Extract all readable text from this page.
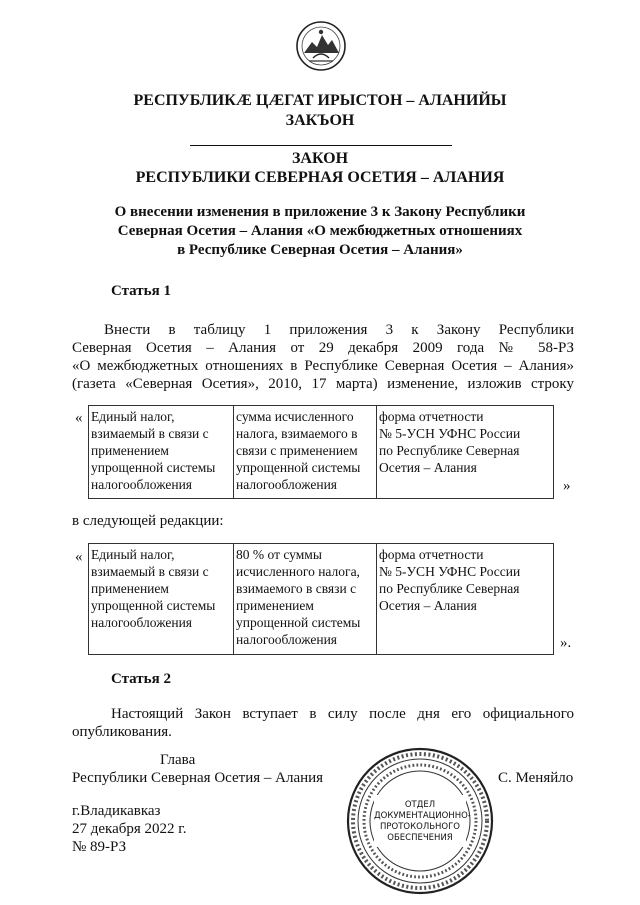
РЕСПУБЛИКӔ ЦӔГАТ ИРЫСТОН – АЛАНИЙЫ
ЗАКЪОН
ЗАКОН
РЕСПУБЛИКИ СЕВЕРНАЯ ОСЕТИЯ – АЛАНИЯ
О внесении изменения в приложение 3 к Закону Республики
Северная Осетия – Алания «О межбюджетных отношениях
в Республике Северная Осетия – Алания»
Статья 1
Внести в таблицу 1 приложения 3 к Закону Республики
Северная Осетия – Алания от 29 декабря 2009 года № 58-РЗ
«О межбюджетных отношениях в Республике Северная Осетия – Алания»
(газета «Северная Осетия», 2010, 17 марта) изменение, изложив строку
« Единый налог,
взимаемый в связи с
применением
упрощенной системы
налогообложения

сумма исчисленного
налога, взимаемого в
связи с применением
упрощенной системы
налогообложения

форма отчетности
№ 5-УСН УФНС России
по Республике Северная
Осетия – Алания
»
в следующей редакции:
« Единый налог,
взимаемый в связи с
применением
упрощенной системы
налогообложения

80 % от суммы
исчисленного налога,
взимаемого в связи с
применением
упрощенной системы
налогообложения

форма отчетности
№ 5-УСН УФНС России
по Республике Северная
Осетия – Алания
».
Статья 2
Настоящий Закон вступает в силу после дня его официального
опубликования.
Глава
Республики Северная Осетия – Алания	С. Меняйло
ОТДЕЛ
ДОКУМЕНТАЦИОННО-
ПРОТОКОЛЬНОГО
ОБЕСПЕЧЕНИЯ
г.Владикавказ
27 декабря 2022 г.
№ 89-РЗ
